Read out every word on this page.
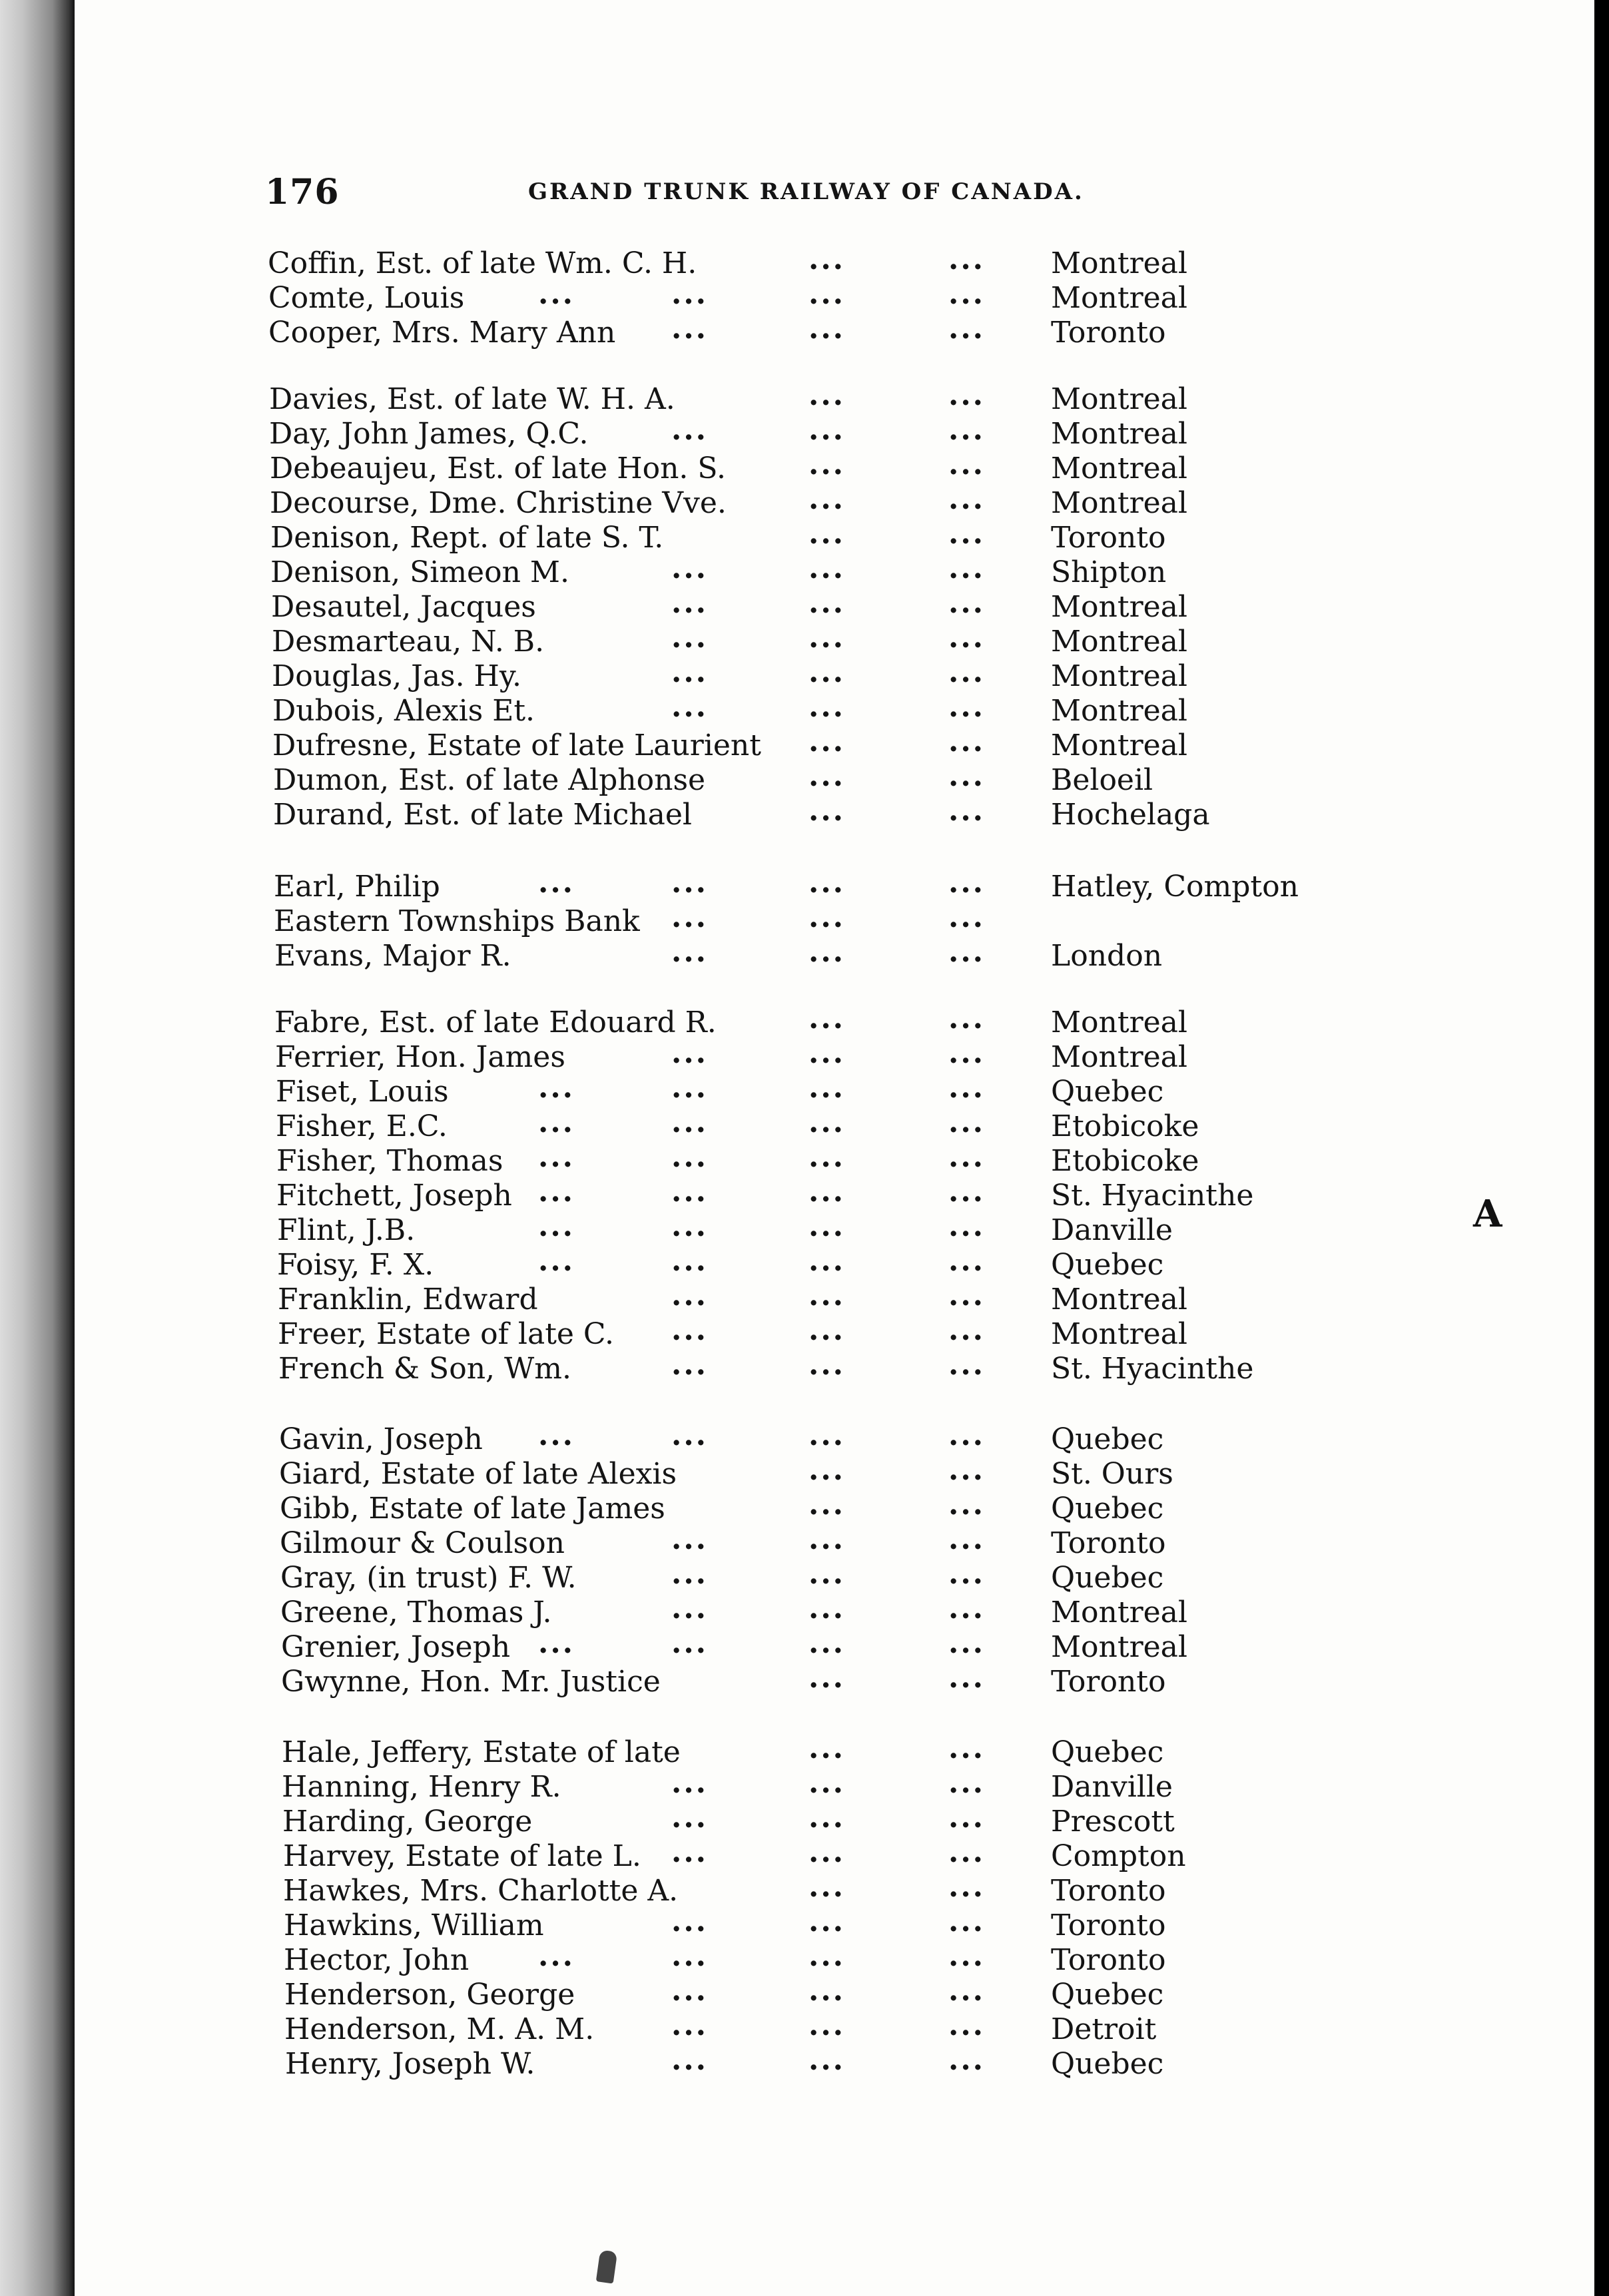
176	GRAND TRUNK RAILWAY OF CANADA.
Coffin, Est. of late Wm. C. H.	...	... Montreal
Comte, Louis	...	...	...	... Montreal
Cooper, Mrs. Mary Ann ...	...	... Toronto
Davies, Est. of late W. H. A.	...	... Montreal
Day, John James, Q.C.	...	...	... Montreal
Debeaujeu, Est. of late Hon. S.	...	... Montreal
Decourse, Dme. Christine Vve.	...	... Montreal
Denison, Rept. of late S. T.	...	... Toronto
Denison, Simeon M.	...	...	... Shipton
Desautel, Jacques	...	...	... Montreal
Desmarteau, N. B.	...	...	... Montreal
Douglas, Jas. Hy.	...	...	... Montreal
Dubois, Alexis Et.	...	...	... Montreal
Dufresne, Estate of late Laurient ...	... Montreal
Dumon, Est. of late Alphonse	...	... Beloeil
Durand, Est. of late Michael	...	... Hochelaga
Earl, Philip	...	...	...	... Hatley, Compton
Eastern Townships Bank ...	...	...
Evans, Major R.	...	...	... London
Fabre, Est. of late Edouard R.	...	... Montreal
Ferrier, Hon. James	...	...	... Montreal
Fiset, Louis	...	...	...	... Quebec
Fisher, E.C.	...	...	...	... Etobicoke
Fisher, Thomas ...	...	...	... Etobicoke
Fitchett, Joseph ...	...	...	... St. Hyacinthe
Flint, J.B.	...	...	...	... Danville
Foisy, F. X.	...	...	...	... Quebec
Franklin, Edward	...	...	... Montreal
Freer, Estate of late C. ...	...	... Montreal
French & Son, Wm.	...	...	... St. Hyacinthe
Gavin, Joseph ...	...	...	... Quebec
Giard, Estate of late Alexis	...	... St. Ours
Gibb, Estate of late James	...	... Quebec
Gilmour & Coulson	...	...	... Toronto
Gray, (in trust) F. W.	...	...	... Quebec
Greene, Thomas J.	...	...	... Montreal
Grenier, Joseph ...	...	...	... Montreal
Gwynne, Hon. Mr. Justice	...	... Toronto
Hale, Jeffery, Estate of late	...	... Quebec
Hanning, Henry R.	...	...	... Danville
Harding, George	...	...	... Prescott
Harvey, Estate of late L. ...	...	... Compton
Hawkes, Mrs. Charlotte A.	...	... Toronto
Hawkins, William	...	...	... Toronto
Hector, John ...	...	...	... Toronto
Henderson, George	...	...	... Quebec
Henderson, M. A. M.	...	...	... Detroit
Henry, Joseph W.	...	...	... Quebec
A
